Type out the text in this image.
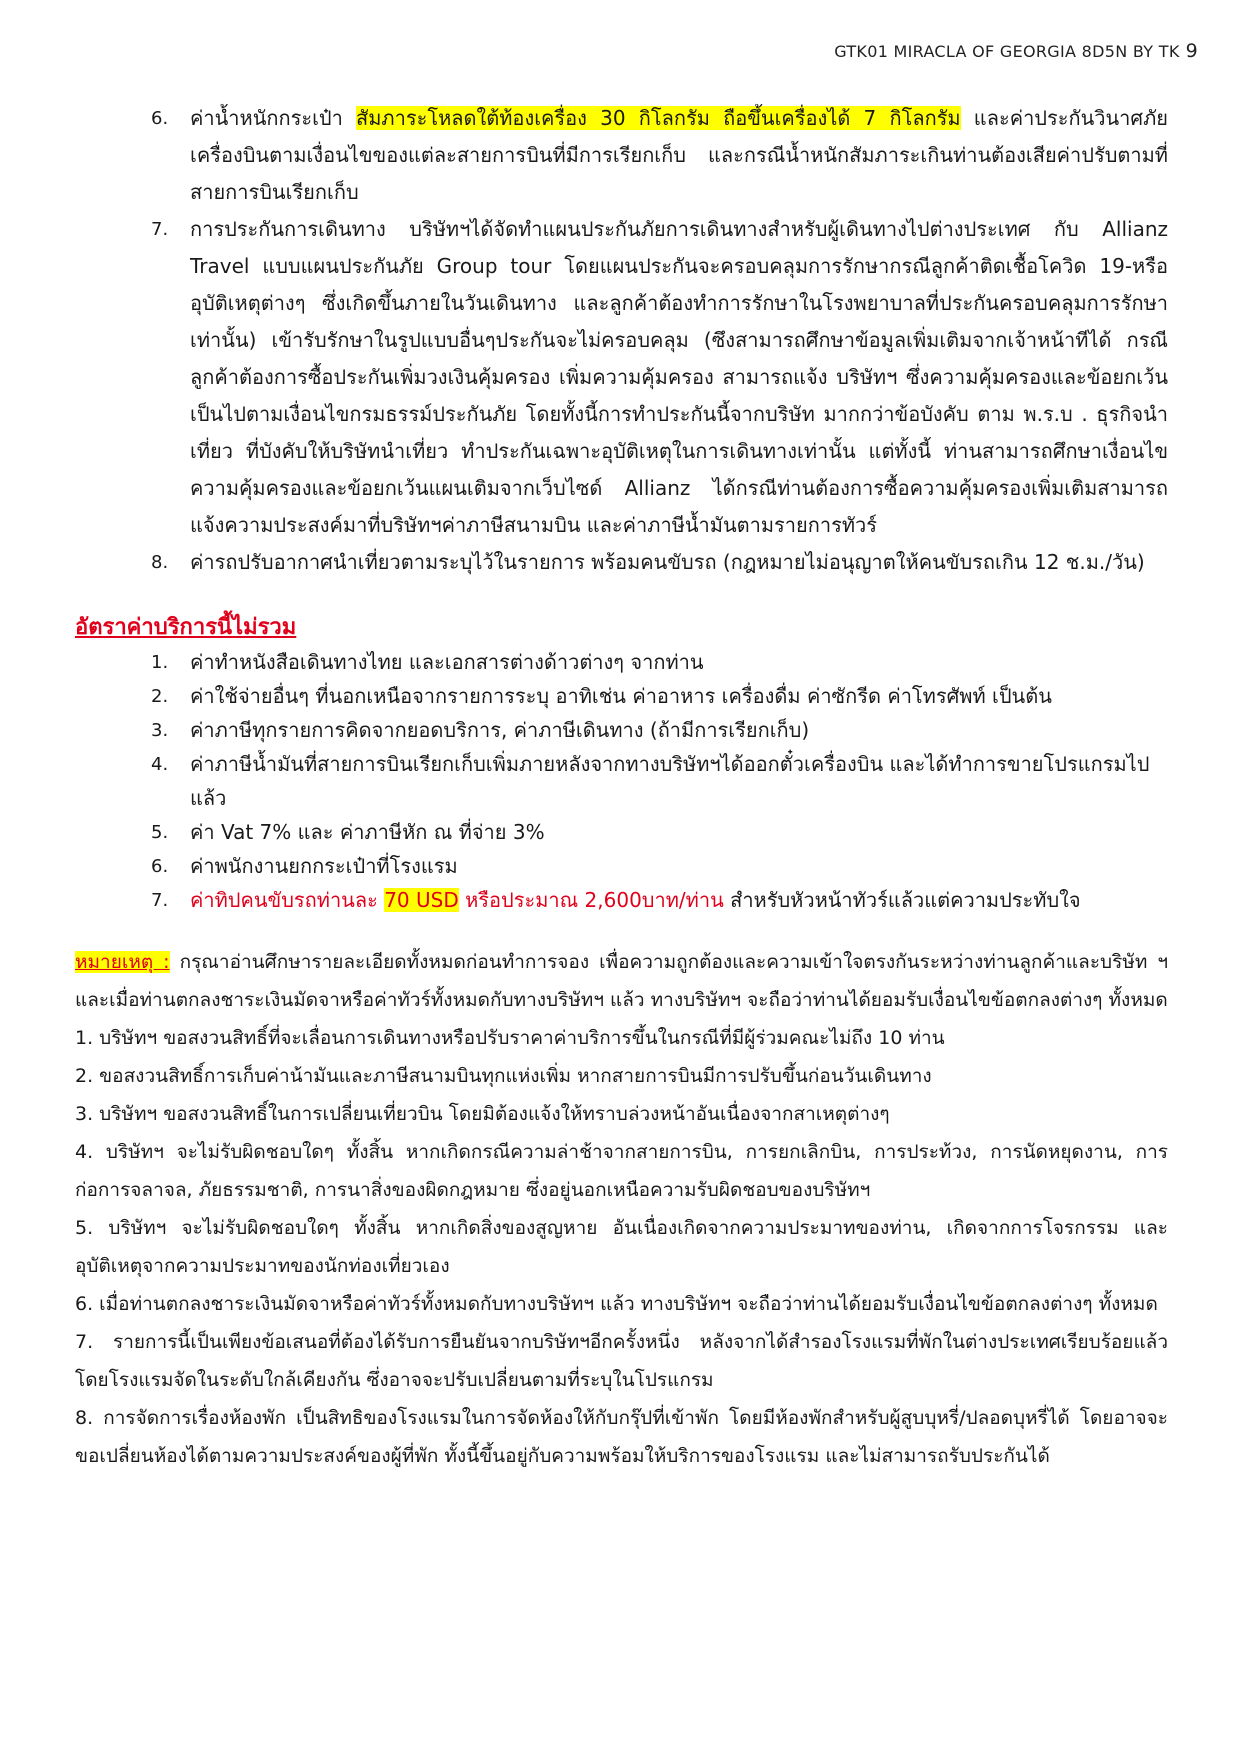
GTK01 MIRACLA OF GEORGIA 8D5N BY TK 9
6. ค่าน้ำหนักกระเป๋า สัมภาระโหลดใต้ท้องเครื่อง 30 กิโลกรัม ถือขึ้นเครื่องได้ 7 กิโลกรัม และค่าประกันวินาศภัยเครื่องบินตามเงื่อนไขของแต่ละสายการบินที่มีการเรียกเก็บ และกรณีน้ำหนักสัมภาระเกินท่านต้องเสียค่าปรับตามที่สายการบินเรียกเก็บ
7. การประกันการเดินทาง บริษัทฯได้จัดทำแผนประกันภัยการเดินทางสำหรับผู้เดินทางไปต่างประเทศ กับ Allianz Travel แบบแผนประกันภัย Group tour โดยแผนประกันจะครอบคลุมการรักษากรณีลูกค้าติดเชื้อโควิด 19-หรืออุบัติเหตุต่างๆ ซึ่งเกิดขึ้นภายในวันเดินทาง และลูกค้าต้องทำการรักษาในโรงพยาบาลที่ประกันครอบคลุมการรักษาเท่านั้น) เข้ารับรักษาในรูปแบบอื่นๆประกันจะไม่ครอบคลุม (ซึงสามารถศึกษาข้อมูลเพิ่มเติมจากเจ้าหน้าทีได้ กรณีลูกค้าต้องการซื้อประกันเพิ่มวงเงินคุ้มครอง เพิ่มความคุ้มครอง สามารถแจ้ง บริษัทฯ ซึ่งความคุ้มครองและข้อยกเว้น เป็นไปตามเงื่อนไขกรมธรรม์ประกันภัย โดยทั้งนี้การทำประกันนี้จากบริษัท มากกว่าข้อบังคับ ตาม พ.ร.บ . ธุรกิจนำเที่ยว ที่บังคับให้บริษัทนำเที่ยว ทำประกันเฉพาะอุบัติเหตุในการเดินทางเท่านั้น แต่ทั้งนี้ ท่านสามารถศึกษาเงื่อนไขความคุ้มครองและข้อยกเว้นแผนเติมจากเว็บไซด์ Allianz ได้กรณีท่านต้องการซื้อความคุ้มครองเพิ่มเติมสามารถแจ้งความประสงค์มาที่บริษัทฯค่าภาษีสนามบิน และค่าภาษีน้ำมันตามรายการทัวร์
8. ค่ารถปรับอากาศนำเที่ยวตามระบุไว้ในรายการ พร้อมคนขับรถ (กฎหมายไม่อนุญาตให้คนขับรถเกิน 12 ช.ม./วัน)
อัตราค่าบริการนี้ไม่รวม
1. ค่าทำหนังสือเดินทางไทย และเอกสารต่างด้าวต่างๆ จากท่าน
2. ค่าใช้จ่ายอื่นๆ ที่นอกเหนือจากรายการระบุ อาทิเช่น ค่าอาหาร เครื่องดื่ม ค่าซักรีด ค่าโทรศัพท์ เป็นต้น
3. ค่าภาษีทุกรายการคิดจากยอดบริการ, ค่าภาษีเดินทาง (ถ้ามีการเรียกเก็บ)
4. ค่าภาษีน้ำมันที่สายการบินเรียกเก็บเพิ่มภายหลังจากทางบริษัทฯได้ออกตั๋วเครื่องบิน และได้ทำการขายโปรแกรมไปแล้ว
5. ค่า Vat 7% และ ค่าภาษีหัก ณ ที่จ่าย 3%
6. ค่าพนักงานยกกระเป๋าที่โรงแรม
7. ค่าทิปคนขับรถท่านละ 70 USD หรือประมาณ 2,600บาท/ท่าน สำหรับหัวหน้าทัวร์แล้วแต่ความประทับใจ

หมายเหตุ : กรุณาอ่านศึกษารายละเอียดทั้งหมดก่อนทำการจอง เพื่อความถูกต้องและความเข้าใจตรงกันระหว่างท่านลูกค้าและบริษัท ฯ และเมื่อท่านตกลงชาระเงินมัดจาหรือค่าทัวร์ทั้งหมดกับทางบริษัทฯ แล้ว ทางบริษัทฯ จะถือว่าท่านได้ยอมรับเงื่อนไขข้อตกลงต่างๆ ทั้งหมด

1. บริษัทฯ ขอสงวนสิทธิ์ที่จะเลื่อนการเดินทางหรือปรับราคาค่าบริการขึ้นในกรณีที่มีผู้ร่วมคณะไม่ถึง 10 ท่าน

2. ขอสงวนสิทธิ์การเก็บค่าน้ามันและภาษีสนามบินทุกแห่งเพิ่ม หากสายการบินมีการปรับขึ้นก่อนวันเดินทาง

3. บริษัทฯ ขอสงวนสิทธิ์ในการเปลี่ยนเที่ยวบิน โดยมิต้องแจ้งให้ทราบล่วงหน้าอันเนื่องจากสาเหตุต่างๆ

4. บริษัทฯ จะไม่รับผิดชอบใดๆ ทั้งสิ้น หากเกิดกรณีความล่าช้าจากสายการบิน, การยกเลิกบิน, การประท้วง, การนัดหยุดงาน, การก่อการจลาจล, ภัยธรรมชาติ, การนาสิ่งของผิดกฎหมาย ซึ่งอยู่นอกเหนือความรับผิดชอบของบริษัทฯ

5. บริษัทฯ จะไม่รับผิดชอบใดๆ ทั้งสิ้น หากเกิดสิ่งของสูญหาย อันเนื่องเกิดจากความประมาทของท่าน, เกิดจากการโจรกรรม และอุบัติเหตุจากความประมาทของนักท่องเที่ยวเอง

6. เมื่อท่านตกลงชาระเงินมัดจาหรือค่าทัวร์ทั้งหมดกับทางบริษัทฯ แล้ว ทางบริษัทฯ จะถือว่าท่านได้ยอมรับเงื่อนไขข้อตกลงต่างๆ ทั้งหมด

7. รายการนี้เป็นเพียงข้อเสนอที่ต้องได้รับการยืนยันจากบริษัทฯอีกครั้งหนึ่ง หลังจากได้สำรองโรงแรมที่พักในต่างประเทศเรียบร้อยแล้ว โดยโรงแรมจัดในระดับใกล้เคียงกัน ซึ่งอาจจะปรับเปลี่ยนตามที่ระบุในโปรแกรม

8. การจัดการเรื่องห้องพัก เป็นสิทธิของโรงแรมในการจัดห้องให้กับกรุ๊ปที่เข้าพัก โดยมีห้องพักสำหรับผู้สูบบุหรี่/ปลอดบุหรี่ได้ โดยอาจจะขอเปลี่ยนห้องได้ตามความประสงค์ของผู้ที่พัก ทั้งนี้ขึ้นอยู่กับความพร้อมให้บริการของโรงแรม และไม่สามารถรับประกันได้
